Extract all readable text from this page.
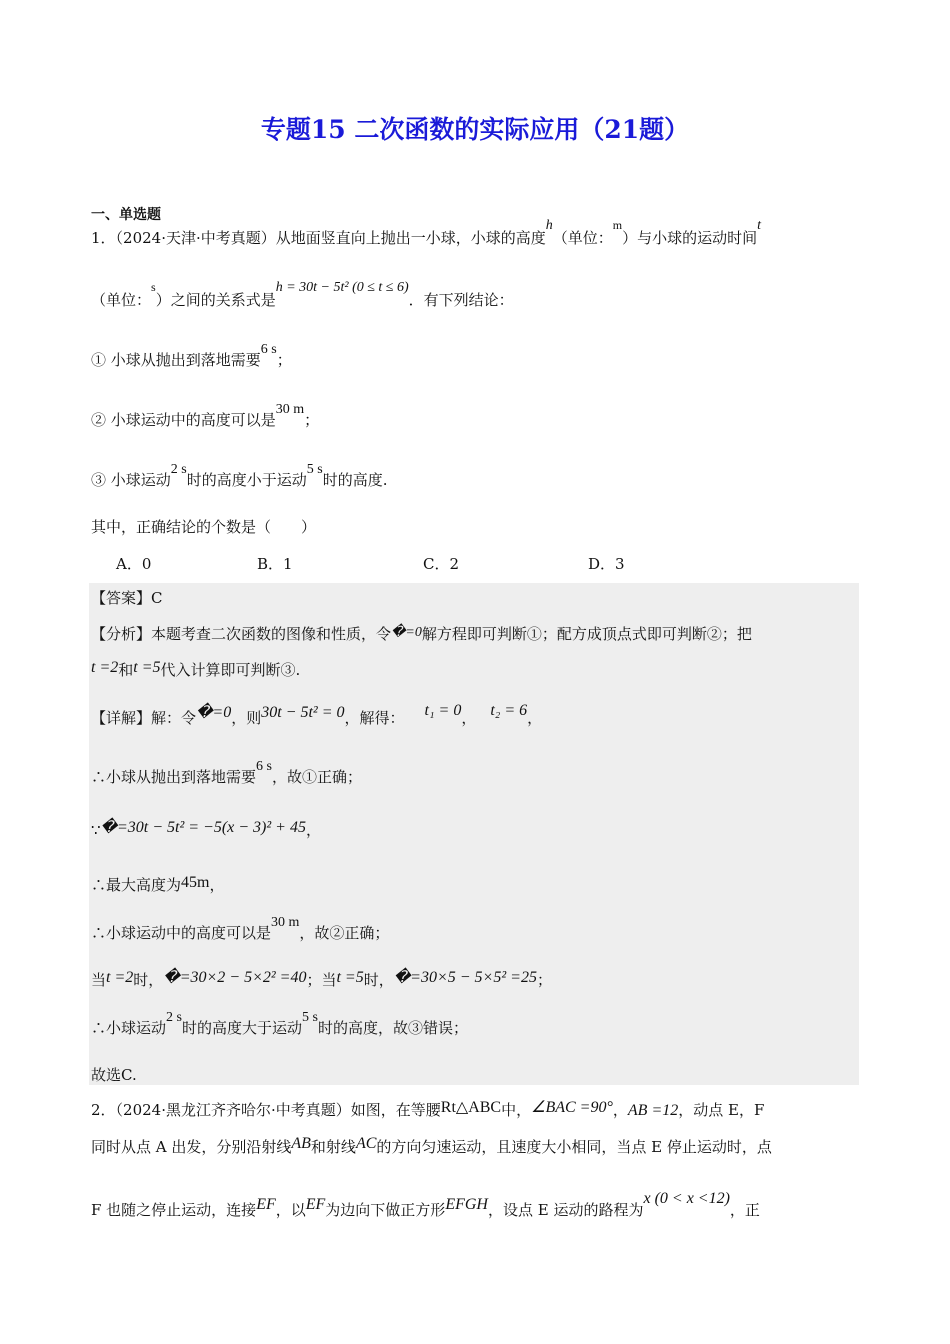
专题15 二次函数的实际应用（21题）
一、单选题
1．（2024·天津·中考真题）从地面竖直向上抛出一小球，小球的高度h（单位：$^m$）与小球的运动时间t
（单位：$^s$）之间的关系式是h = 30t − 5t² (0 ≤ t ≤ 6)．有下列结论：
① 小球从抛出到落地需要6 s；
② 小球运动中的高度可以是30 m；
③ 小球运动2 s时的高度小于运动5 s时的高度.
其中，正确结论的个数是（　　）
A．0	B．1	C．2	D．3
【答案】C
【分析】本题考查二次函数的图像和性质，令�=0解方程即可判断①；配方成顶点式即可判断②；把
t =2和t =5代入计算即可判断③.
【详解】解：令�=0，则30t − 5t² = 0，解得： t₁ = 0， t₂ = 6，
∴小球从抛出到落地需要6 s，故①正确；
∵�=30t − 5t² = −5(x − 3)² + 45，
∴最大高度为45m，
∴小球运动中的高度可以是30 m，故②正确；
当t =2时，�=30×2 − 5×2² =40；当t =5时，�=30×5 − 5×5² =25；
∴小球运动2 s时的高度大于运动5 s时的高度，故③错误；
故选C.
2．（2024·黑龙江齐齐哈尔·中考真题）如图，在等腰Rt△ABC中，∠BAC =90°，AB =12，动点 E，F
同时从点 A 出发，分别沿射线AB和射线AC的方向匀速运动，且速度大小相同，当点 E 停止运动时，点
F 也随之停止运动，连接EF，以EF为边向下做正方形EFGH，设点 E 运动的路程为x (0 < x <12)，正
